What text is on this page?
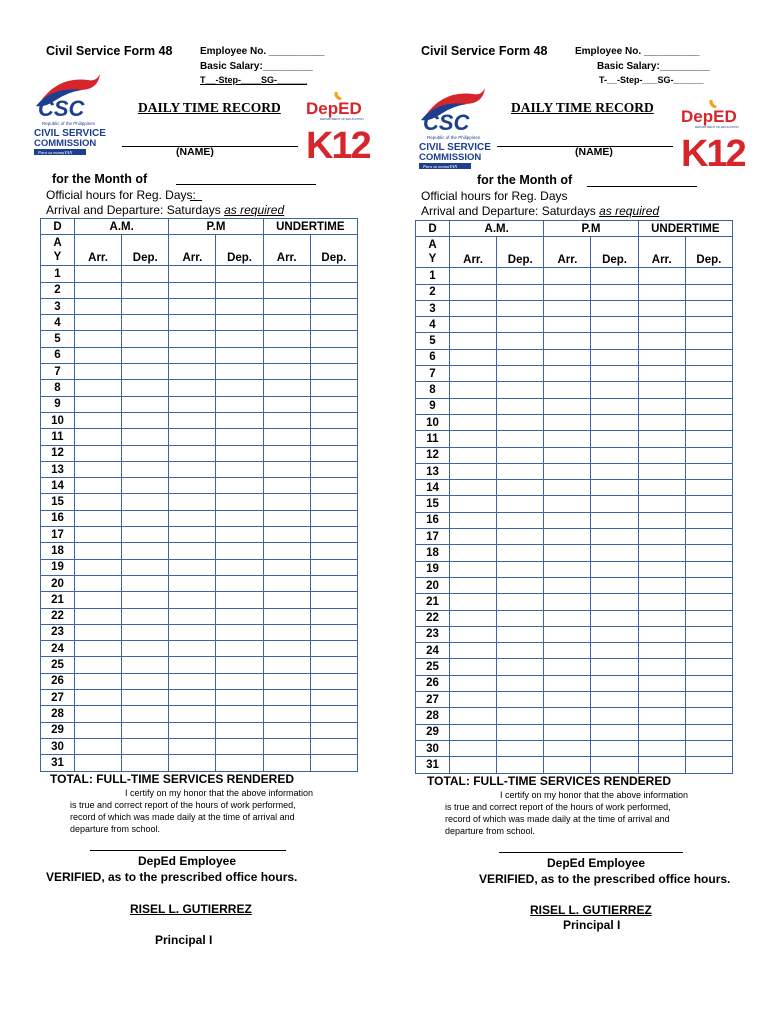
Civil Service Form 48	Employee No. __________
Basic Salary:_________
T__-Step-____SG-______
CSC
Republic of the Philippines
CIVIL SERVICE
COMMISSION
Para sa mamaYAN
DAILY TIME RECORD DepED
DEPARTMENT OF EDUCATION
K12
(NAME)
for the Month of
Official hours for Reg. Days:
Arrival and Departure: Saturdays as required
D	A.M.		P.M		UNDERTIME	
A
Y	Arr.	Dep.	Arr.	Dep.	Arr.	Dep.
1						
2						
3						
4						
5						
6						
7						
8						
9						
10						
11						
12						
13						
14						
15						
16						
17						
18						
19						
20						
21						
22						
23						
24						
25						
26						
27						
28						
29						
30						
31						
TOTAL: FULL-TIME SERVICES RENDERED

I certify on my honor that the above information

is true and correct report of the hours of work performed,

record of which was made daily at the time of arrival and

departure from school.

DepEd Employee
VERIFIED, as to the prescribed office hours.
RISEL L. GUTIERREZ
Principal I
Civil Service Form 48	Employee No. __________
Basic Salary:_________
T-__-Step-___SG-______
CSC
Republic of the Philippines
CIVIL SERVICE
COMMISSION
Para sa mamaYAN
DAILY TIME RECORD DepED
DEPARTMENT OF EDUCATION
K12
(NAME)
for the Month of
Official hours for Reg. Days
Arrival and Departure: Saturdays as required
D	A.M.		P.M		UNDERTIME	
A
Y	Arr.	Dep.	Arr.	Dep.	Arr.	Dep.
1						
2						
3						
4						
5						
6						
7						
8						
9						
10						
11						
12						
13						
14						
15						
16						
17						
18						
19						
20						
21						
22						
23						
24						
25						
26						
27						
28						
29						
30						
31						
TOTAL: FULL-TIME SERVICES RENDERED

I certify on my honor that the above information

is true and correct report of the hours of work performed,

record of which was made daily at the time of arrival and

departure from school.

DepEd Employee
VERIFIED, as to the prescribed office hours.
RISEL L. GUTIERREZ
Principal I
